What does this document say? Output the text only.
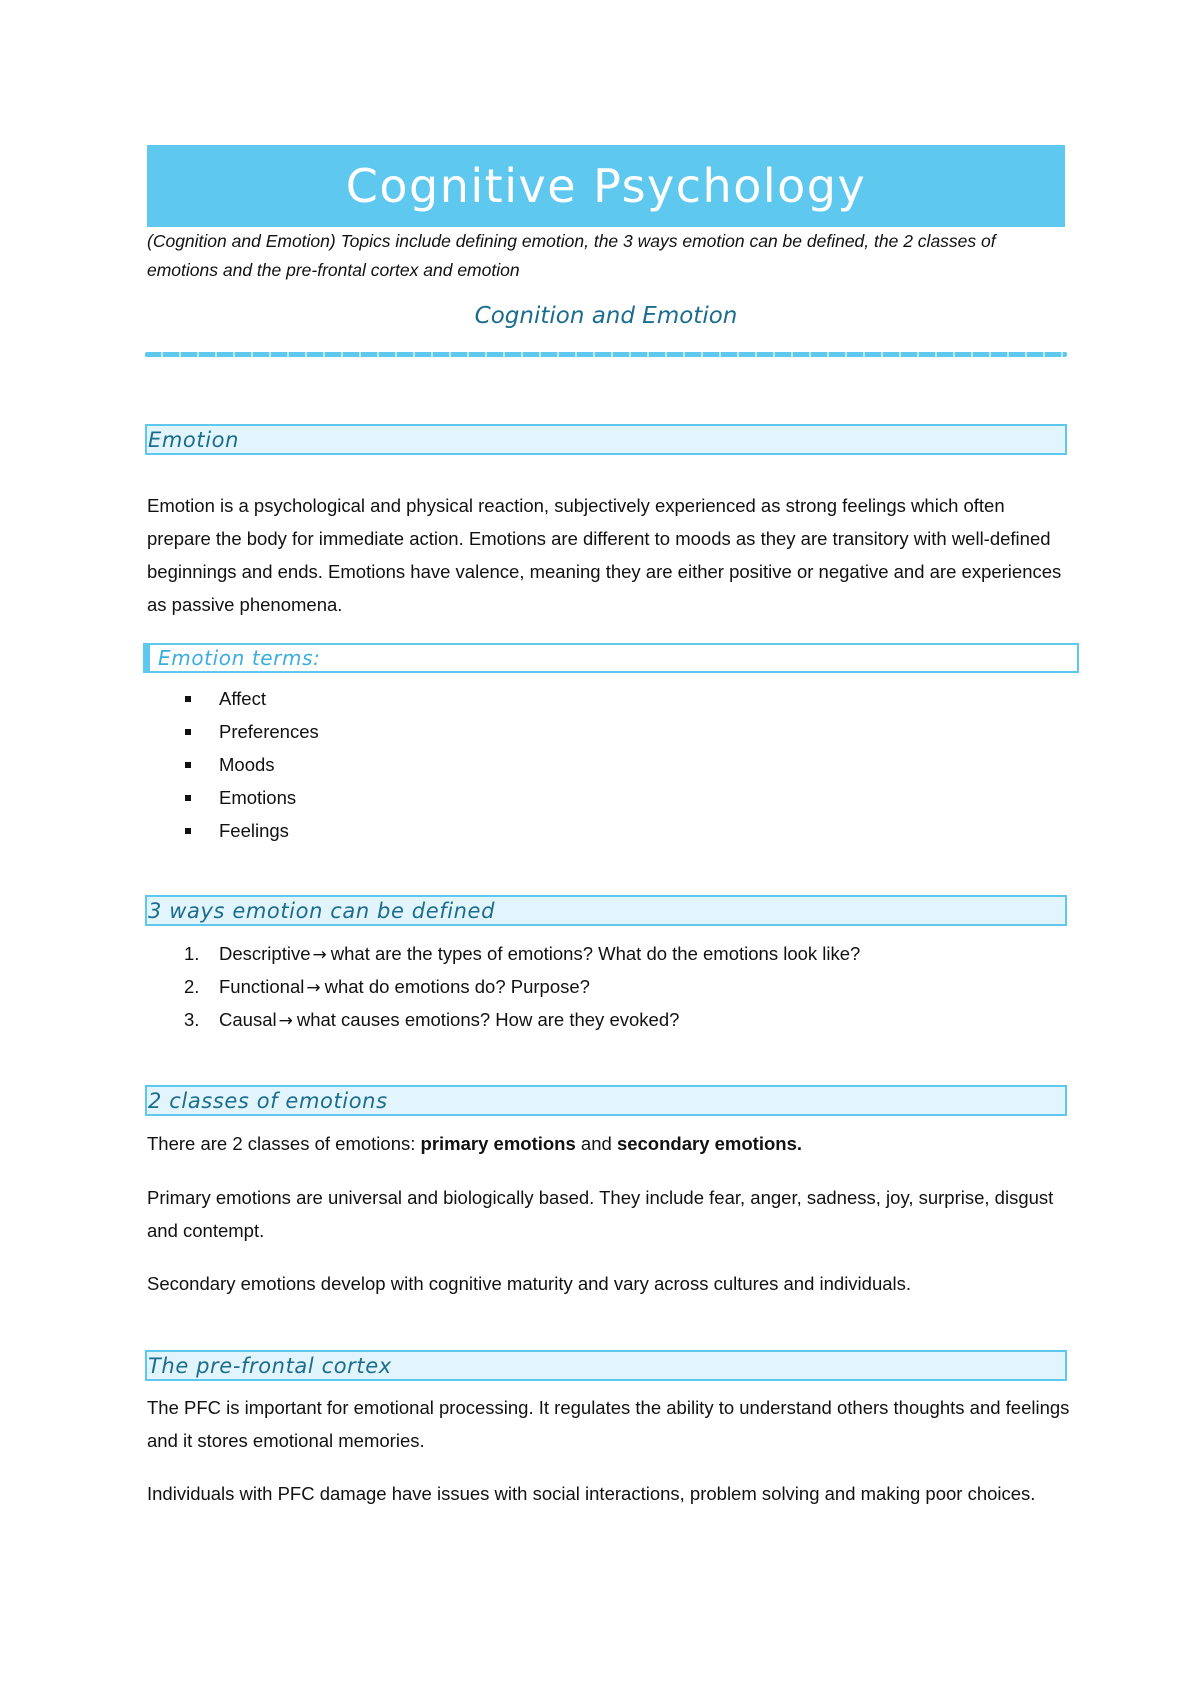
Cognitive Psychology
(Cognition and Emotion) Topics include defining emotion, the 3 ways emotion can be defined, the 2 classes of emotions and the pre-frontal cortex and emotion
Cognition and Emotion
Emotion

Emotion is a psychological and physical reaction, subjectively experienced as strong feelings which often prepare the body for immediate action. Emotions are different to moods as they are transitory with well-defined beginnings and ends. Emotions have valence, meaning they are either positive or negative and are experiences as passive phenomena.

Emotion terms:
Affect
Preferences
Moods
Emotions
Feelings
3 ways emotion can be defined
1. Descriptive → what are the types of emotions? What do the emotions look like?
2. Functional → what do emotions do? Purpose?
3. Causal → what causes emotions? How are they evoked?
2 classes of emotions

There are 2 classes of emotions: primary emotions and secondary emotions.

Primary emotions are universal and biologically based. They include fear, anger, sadness, joy, surprise, disgust and contempt.

Secondary emotions develop with cognitive maturity and vary across cultures and individuals.

The pre-frontal cortex

The PFC is important for emotional processing. It regulates the ability to understand others thoughts and feelings and it stores emotional memories.

Individuals with PFC damage have issues with social interactions, problem solving and making poor choices.
